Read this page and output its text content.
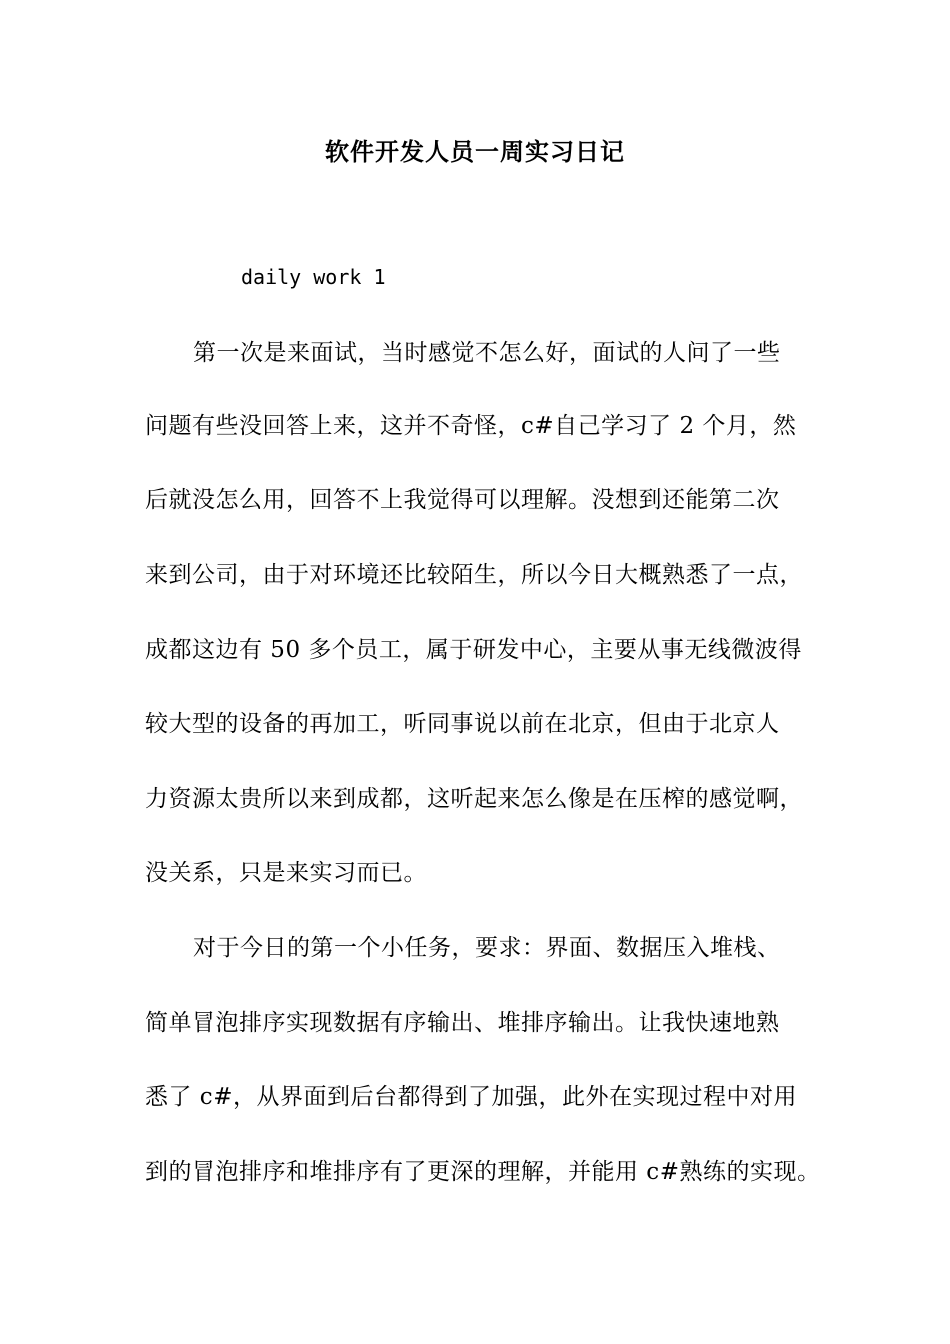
软件开发人员一周实习日记
daily work 1
第一次是来面试，当时感觉不怎么好，面试的人问了一些
问题有些没回答上来，这并不奇怪，c#自己学习了 2 个月，然
后就没怎么用，回答不上我觉得可以理解。没想到还能第二次
来到公司，由于对环境还比较陌生，所以今日大概熟悉了一点，
成都这边有 50 多个员工，属于研发中心，主要从事无线微波得
较大型的设备的再加工，听同事说以前在北京，但由于北京人
力资源太贵所以来到成都，这听起来怎么像是在压榨的感觉啊，
没关系，只是来实习而已。
对于今日的第一个小任务，要求：界面、数据压入堆栈、
简单冒泡排序实现数据有序输出、堆排序输出。让我快速地熟
悉了 c#，从界面到后台都得到了加强，此外在实现过程中对用
到的冒泡排序和堆排序有了更深的理解，并能用 c#熟练的实现。
